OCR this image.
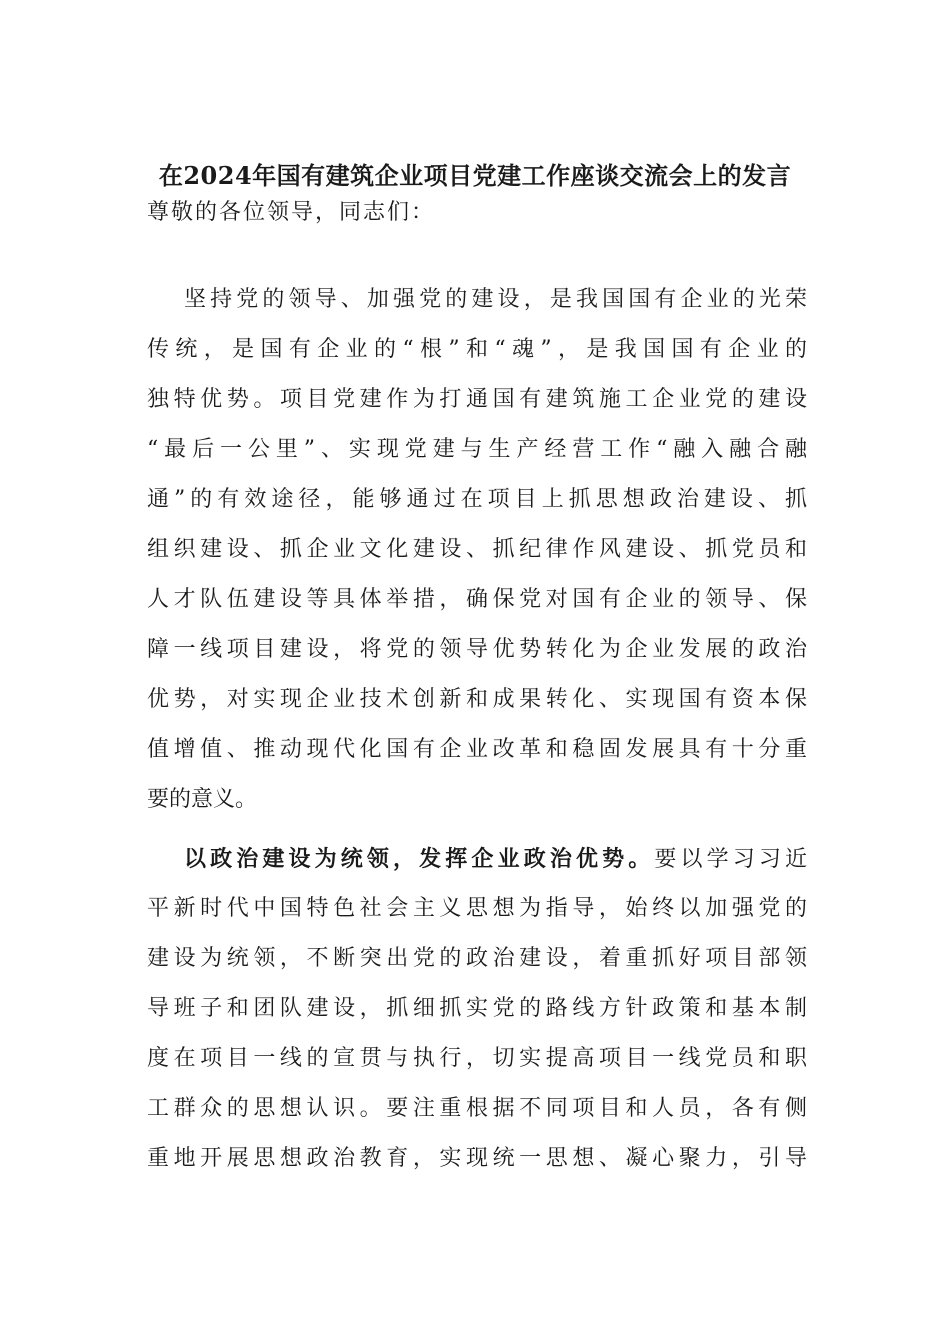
在2024年国有建筑企业项目党建工作座谈交流会上的发言
尊敬的各位领导，同志们：
坚持党的领导、加强党的建设，是我国国有企业的光荣
传统，是国有企业的“根”和“魂”，是我国国有企业的
独特优势。项目党建作为打通国有建筑施工企业党的建设
“最后一公里”、实现党建与生产经营工作“融入融合融
通”的有效途径，能够通过在项目上抓思想政治建设、抓
组织建设、抓企业文化建设、抓纪律作风建设、抓党员和
人才队伍建设等具体举措，确保党对国有企业的领导、保
障一线项目建设，将党的领导优势转化为企业发展的政治
优势，对实现企业技术创新和成果转化、实现国有资本保
值增值、推动现代化国有企业改革和稳固发展具有十分重
要的意义。
以政治建设为统领，发挥企业政治优势。要以学习习近
平新时代中国特色社会主义思想为指导，始终以加强党的
建设为统领，不断突出党的政治建设，着重抓好项目部领
导班子和团队建设，抓细抓实党的路线方针政策和基本制
度在项目一线的宣贯与执行，切实提高项目一线党员和职
工群众的思想认识。要注重根据不同项目和人员，各有侧
重地开展思想政治教育，实现统一思想、凝心聚力，引导
